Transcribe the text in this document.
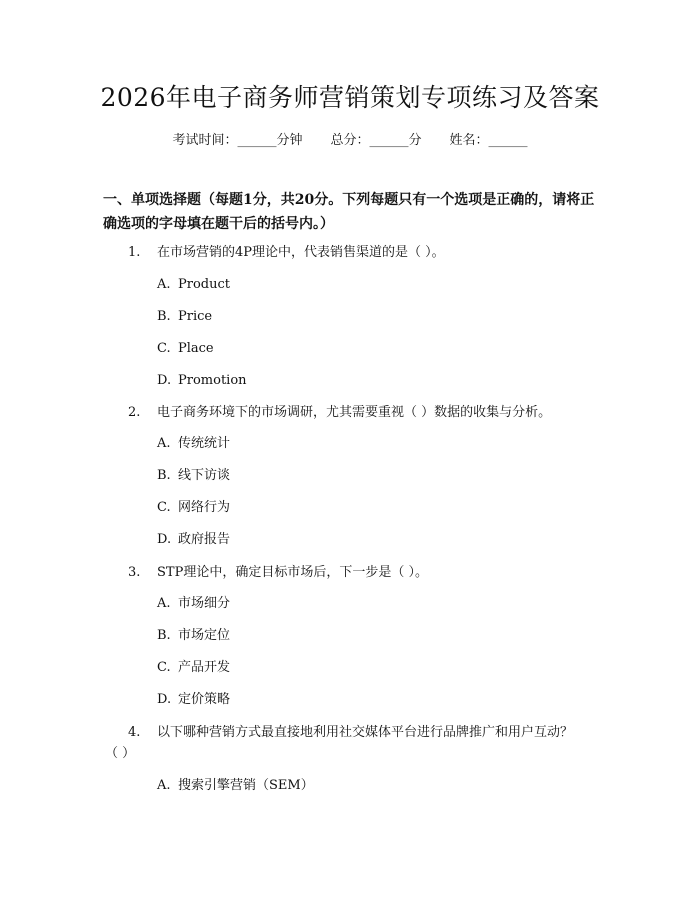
2026年电子商务师营销策划专项练习及答案
考试时间：______分钟 总分：______分 姓名：______
一、单项选择题（每题1分，共20分。下列每题只有一个选项是正确的，请将正确选项的字母填在题干后的括号内。）
1. 在市场营销的4P理论中，代表销售渠道的是（ ）。
A. Product
B. Price
C. Place
D. Promotion
2. 电子商务环境下的市场调研，尤其需要重视（ ）数据的收集与分析。
A. 传统统计
B. 线下访谈
C. 网络行为
D. 政府报告
3. STP理论中，确定目标市场后，下一步是（ ）。
A. 市场细分
B. 市场定位
C. 产品开发
D. 定价策略
4. 以下哪种营销方式最直接地利用社交媒体平台进行品牌推广和用户互动？
（ ）
A. 搜索引擎营销（SEM）
